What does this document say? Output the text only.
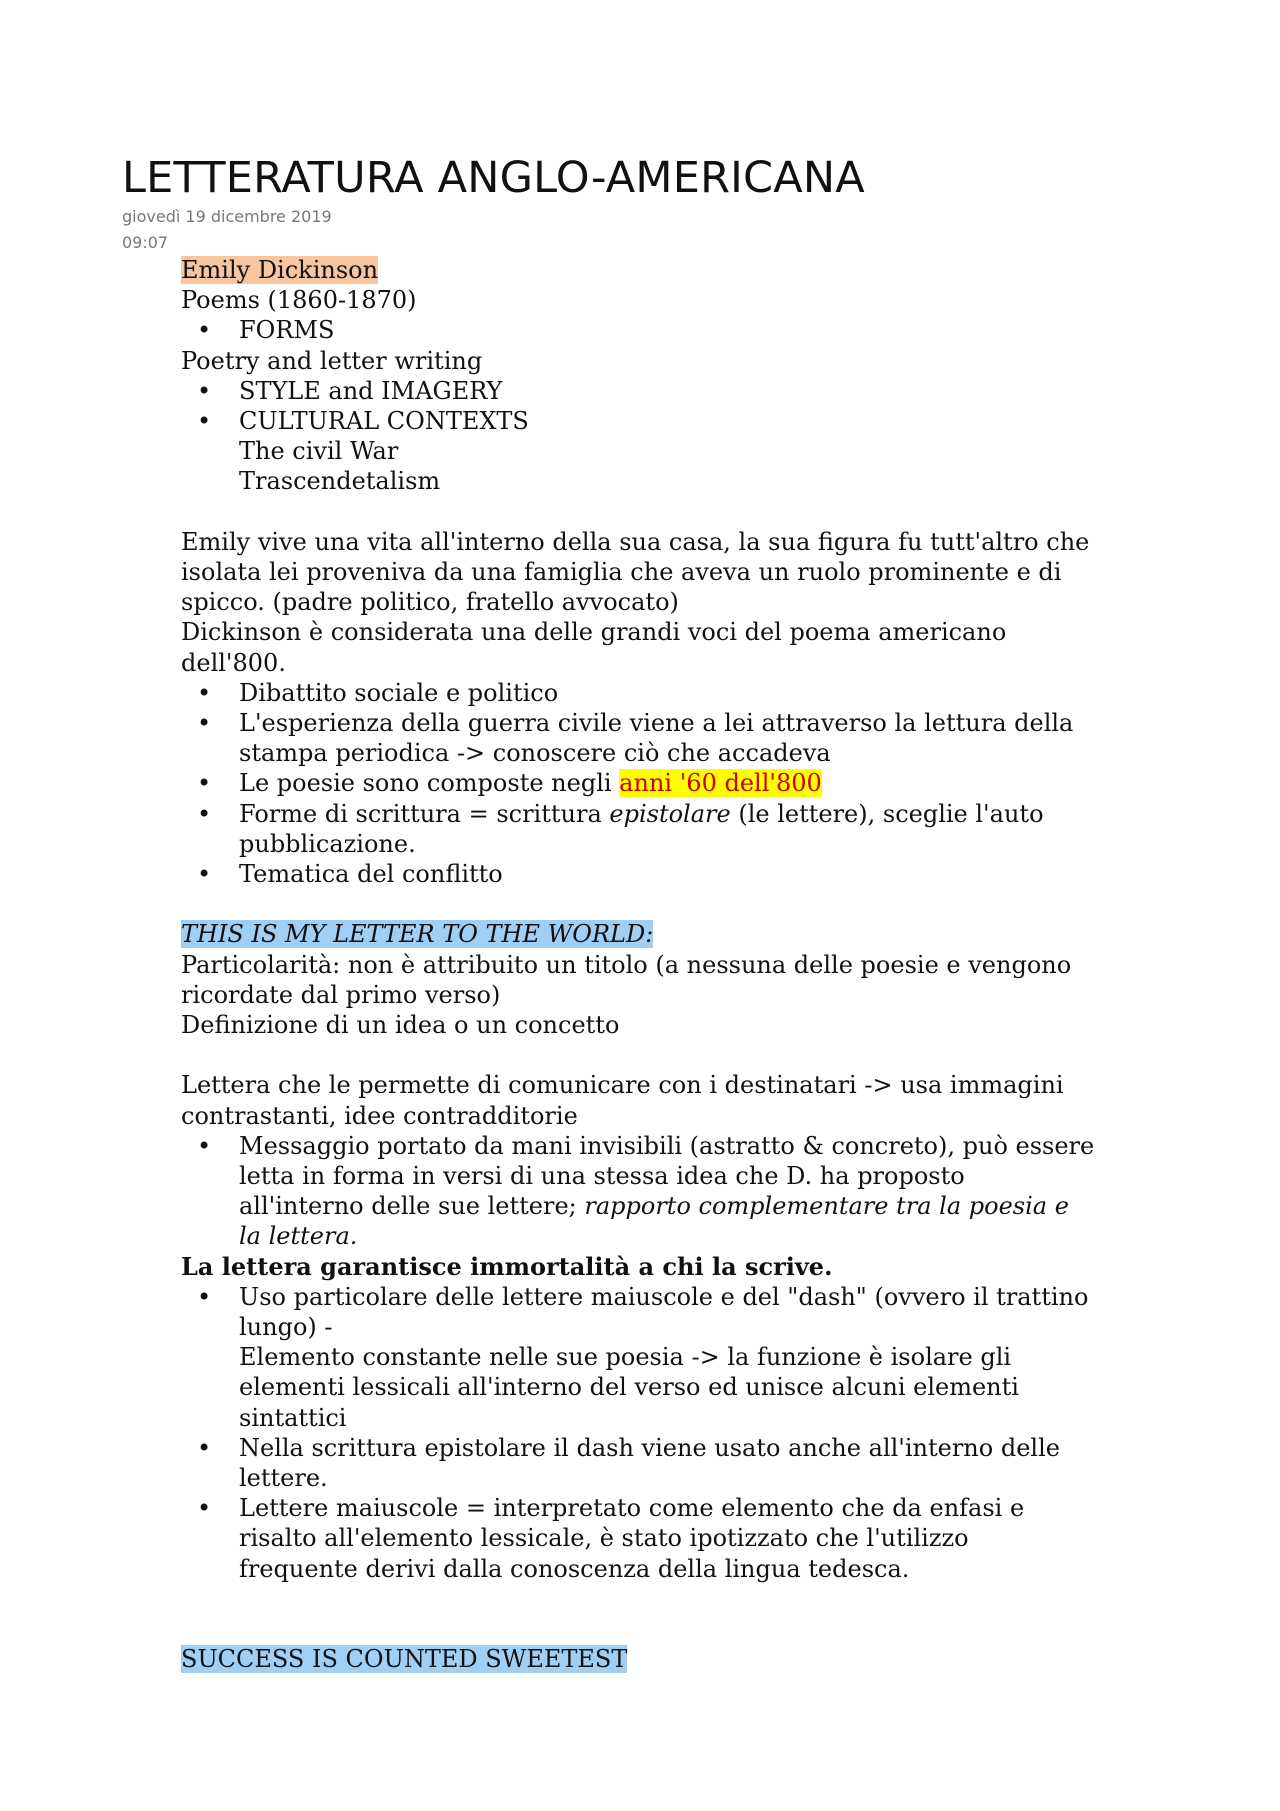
LETTERATURA ANGLO-AMERICANA
giovedì 19 dicembre 2019
09:07
Emily Dickinson
Poems (1860-1870)
• FORMS
Poetry and letter writing
• STYLE and IMAGERY
• CULTURAL CONTEXTS
The civil War
Trascendetalism
Emily vive una vita all'interno della sua casa, la sua figura fu tutt'altro che
isolata lei proveniva da una famiglia che aveva un ruolo prominente e di
spicco. (padre politico, fratello avvocato)
Dickinson è considerata una delle grandi voci del poema americano
dell'800.
• Dibattito sociale e politico
• L'esperienza della guerra civile viene a lei attraverso la lettura della
stampa periodica -> conoscere ciò che accadeva
• Le poesie sono composte negli anni '60 dell'800
• Forme di scrittura = scrittura epistolare (le lettere), sceglie l'auto
pubblicazione.
• Tematica del conflitto
THIS IS MY LETTER TO THE WORLD:
Particolarità: non è attribuito un titolo (a nessuna delle poesie e vengono
ricordate dal primo verso)
Definizione di un idea o un concetto
Lettera che le permette di comunicare con i destinatari -> usa immagini
contrastanti, idee contradditorie
• Messaggio portato da mani invisibili (astratto & concreto), può essere
letta in forma in versi di una stessa idea che D. ha proposto
all'interno delle sue lettere; rapporto complementare tra la poesia e
la lettera.
La lettera garantisce immortalità a chi la scrive.
• Uso particolare delle lettere maiuscole e del "dash" (ovvero il trattino
lungo) -
Elemento constante nelle sue poesia -> la funzione è isolare gli
elementi lessicali all'interno del verso ed unisce alcuni elementi
sintattici
• Nella scrittura epistolare il dash viene usato anche all'interno delle
lettere.
• Lettere maiuscole = interpretato come elemento che da enfasi e
risalto all'elemento lessicale, è stato ipotizzato che l'utilizzo
frequente derivi dalla conoscenza della lingua tedesca.
SUCCESS IS COUNTED SWEETEST
